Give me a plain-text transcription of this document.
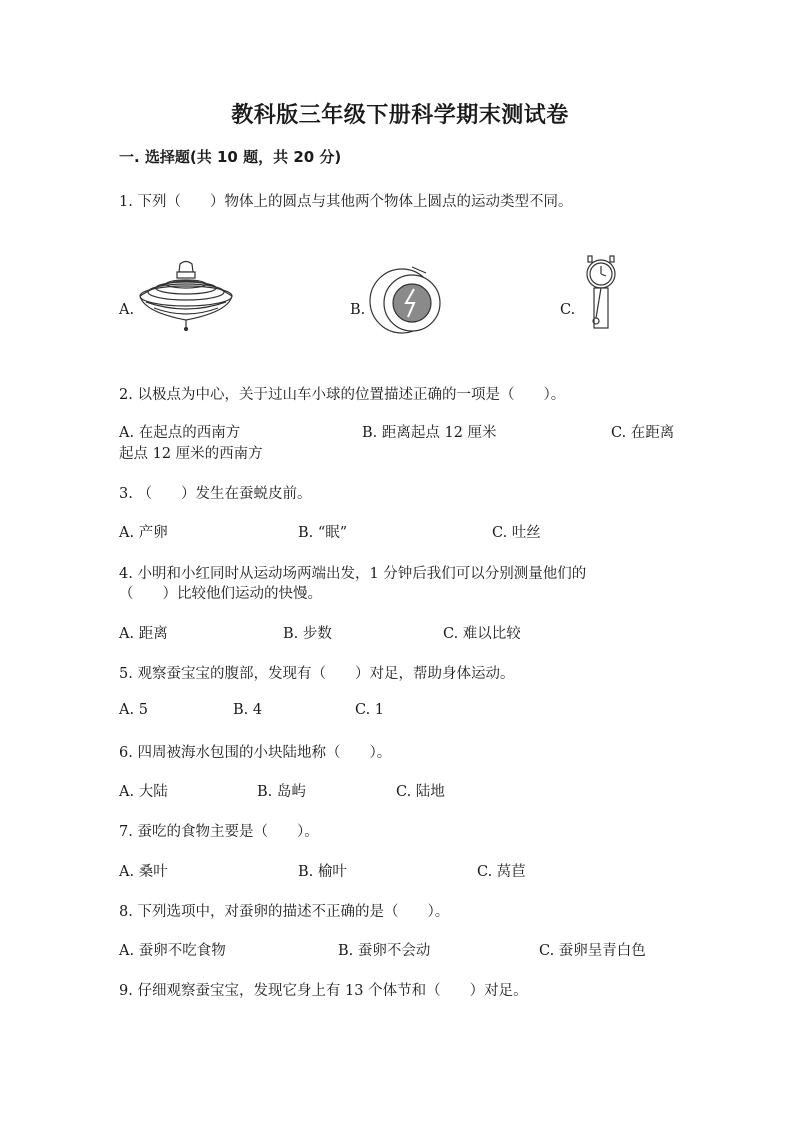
教科版三年级下册科学期末测试卷
一. 选择题(共 10 题，共 20 分)
1. 下列（　　）物体上的圆点与其他两个物体上圆点的运动类型不同。
A.	B.	C.
2. 以极点为中心，关于过山车小球的位置描述正确的一项是（　　）。
A. 在起点的西南方	B. 距离起点 12 厘米	C. 在距离
起点 12 厘米的西南方
3. （　　）发生在蚕蜕皮前。
A. 产卵	B. “眠”	C. 吐丝
4. 小明和小红同时从运动场两端出发，1 分钟后我们可以分别测量他们的
（　　）比较他们运动的快慢。
A. 距离	B. 步数	C. 难以比较
5. 观察蚕宝宝的腹部，发现有（　　）对足，帮助身体运动。
A. 5	B. 4	C. 1
6. 四周被海水包围的小块陆地称（　　）。
A. 大陆	B. 岛屿	C. 陆地
7. 蚕吃的食物主要是（　　）。
A. 桑叶	B. 榆叶	C. 莴苣
8. 下列选项中，对蚕卵的描述不正确的是（　　）。
A. 蚕卵不吃食物	B. 蚕卵不会动	C. 蚕卵呈青白色
9. 仔细观察蚕宝宝，发现它身上有 13 个体节和（　　）对足。
